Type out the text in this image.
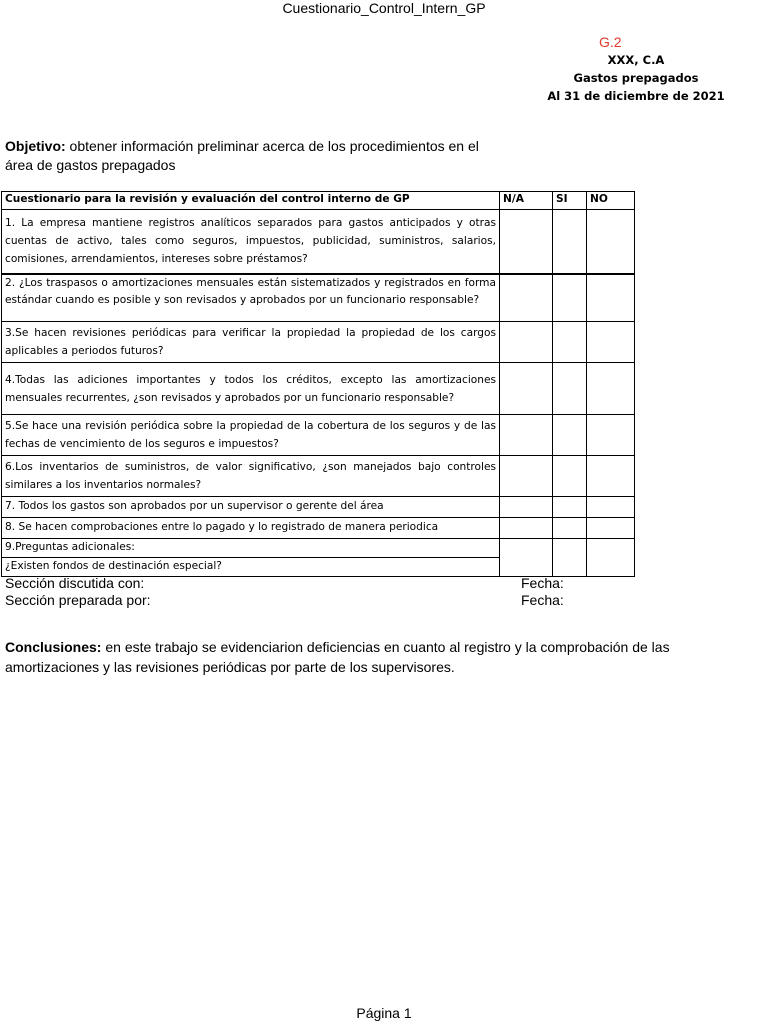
Cuestionario_Control_Intern_GP
G.2
XXX, C.A
Gastos prepagados
Al 31 de diciembre de 2021
Objetivo: obtener información preliminar acerca de los procedimientos en el área de gastos prepagados
Cuestionario para la revisión y evaluación del control interno de GP	N/A	SI	NO
1. La empresa mantiene registros analíticos separados para gastos anticipados y otras cuentas de activo, tales como seguros, impuestos, publicidad, suministros, salarios, comisiones, arrendamientos, intereses sobre préstamos?			
2. ¿Los traspasos o amortizaciones mensuales están sistematizados y registrados en forma estándar cuando es posible y son revisados y aprobados por un funcionario responsable?			
3.Se hacen revisiones periódicas para verificar la propiedad la propiedad de los cargos aplicables a periodos futuros?			
4.Todas las adiciones importantes y todos los créditos, excepto las amortizaciones mensuales recurrentes, ¿son revisados y aprobados por un funcionario responsable?			
5.Se hace una revisión periódica sobre la propiedad de la cobertura de los seguros y de las fechas de vencimiento de los seguros e impuestos?			
6.Los inventarios de suministros, de valor significativo, ¿son manejados bajo controles similares a los inventarios normales?			
7. Todos los gastos son aprobados por un supervisor o gerente del área			
8. Se hacen comprobaciones entre lo pagado y lo registrado de manera periodica			
9.Preguntas adicionales:			
¿Existen fondos de destinación especial?			
Sección discutida con:
Sección preparada por:
Fecha:
Fecha:
Conclusiones: en este trabajo se evidenciarion deficiencias en cuanto al registro y la comprobación de las amortizaciones y las revisiones periódicas por parte de los supervisores.
Página 1
